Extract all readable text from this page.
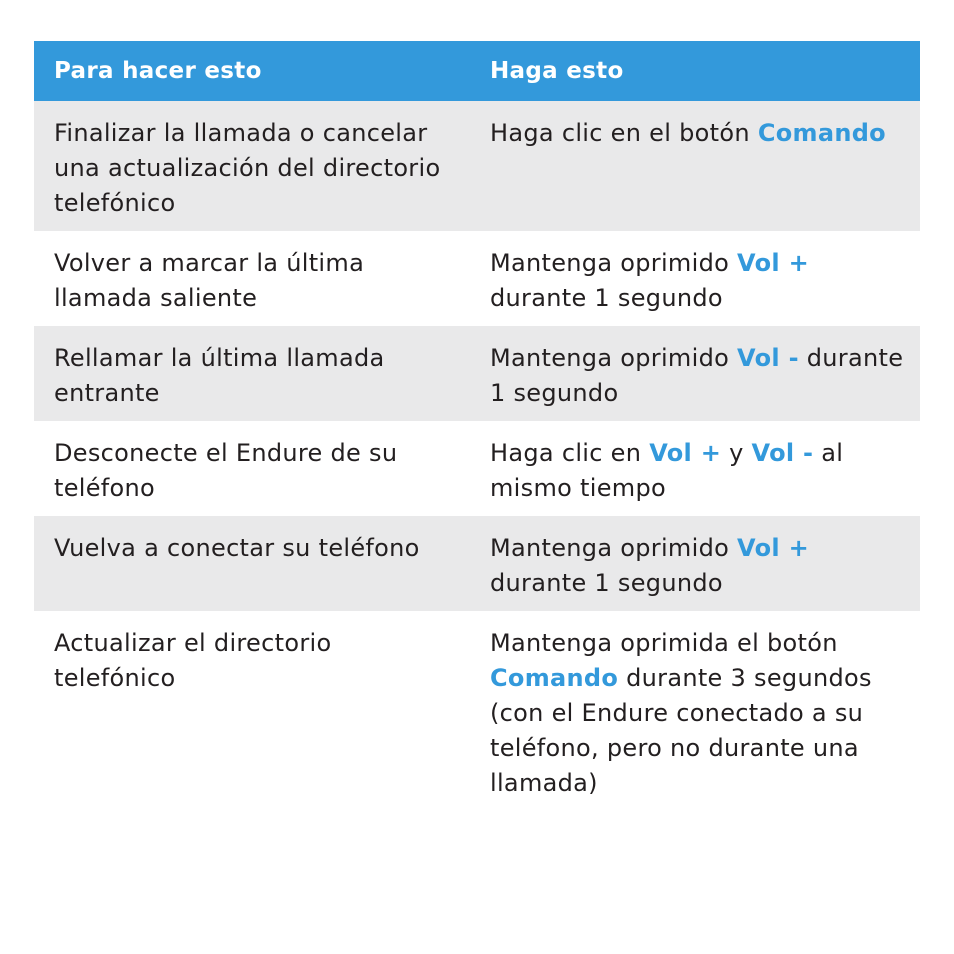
Para hacer esto	Haga esto
Finalizar la llamada o cancelar una actualización del directorio telefónico
Haga clic en el botón Comando
Volver a marcar la última llamada saliente
Mantenga oprimido Vol + durante 1 segundo
Rellamar la última llamada entrante
Mantenga oprimido Vol - durante 1 segundo
Desconecte el Endure de su teléfono
Haga clic en Vol + y Vol - al mismo tiempo
Vuelva a conectar su teléfono	Mantenga oprimido Vol + durante 1 segundo
Actualizar el directorio telefónico
Mantenga oprimida el botón Comando durante 3 segundos (con el Endure conectado a su teléfono, pero no durante una llamada)
